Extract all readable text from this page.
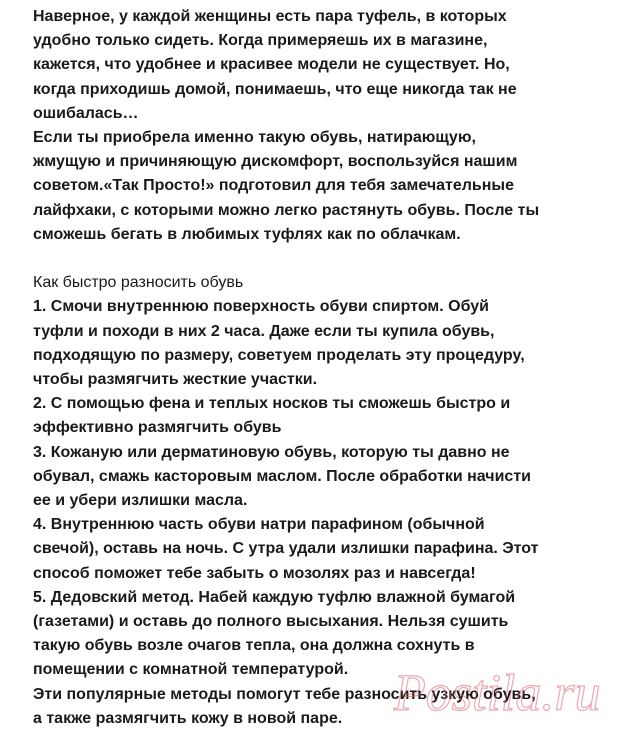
Наверное, у каждой женщины есть пара туфель, в которых
удобно только сидеть. Когда примеряешь их в магазине,
кажется, что удобнее и красивее модели не существует. Но,
когда приходишь домой, понимаешь, что еще никогда так не
ошибалась…
Если ты приобрела именно такую обувь, натирающую,
жмущую и причиняющую дискомфорт, воспользуйся нашим
советом.«Так Просто!» подготовил для тебя замечательные
лайфхаки, с которыми можно легко растянуть обувь. После ты
сможешь бегать в любимых туфлях как по облачкам.
Как быстро разносить обувь
1. Смочи внутреннюю поверхность обуви спиртом. Обуй
туфли и походи в них 2 часа. Даже если ты купила обувь,
подходящую по размеру, советуем проделать эту процедуру,
чтобы размягчить жесткие участки.
2. С помощью фена и теплых носков ты сможешь быстро и
эффективно размягчить обувь
3. Кожаную или дерматиновую обувь, которую ты давно не
обувал, смажь касторовым маслом. После обработки начисти
ее и убери излишки масла.
4. Внутреннюю часть обуви натри парафином (обычной
свечой), оставь на ночь. С утра удали излишки парафина. Этот
способ поможет тебе забыть о мозолях раз и навсегда!
5. Дедовский метод. Набей каждую туфлю влажной бумагой
(газетами) и оставь до полного высыхания. Нельзя сушить
такую обувь возле очагов тепла, она должна сохнуть в
помещении с комнатной температурой.
Эти популярные методы помогут тебе разносить узкую обувь,
а также размягчить кожу в новой паре. Postila.ru
